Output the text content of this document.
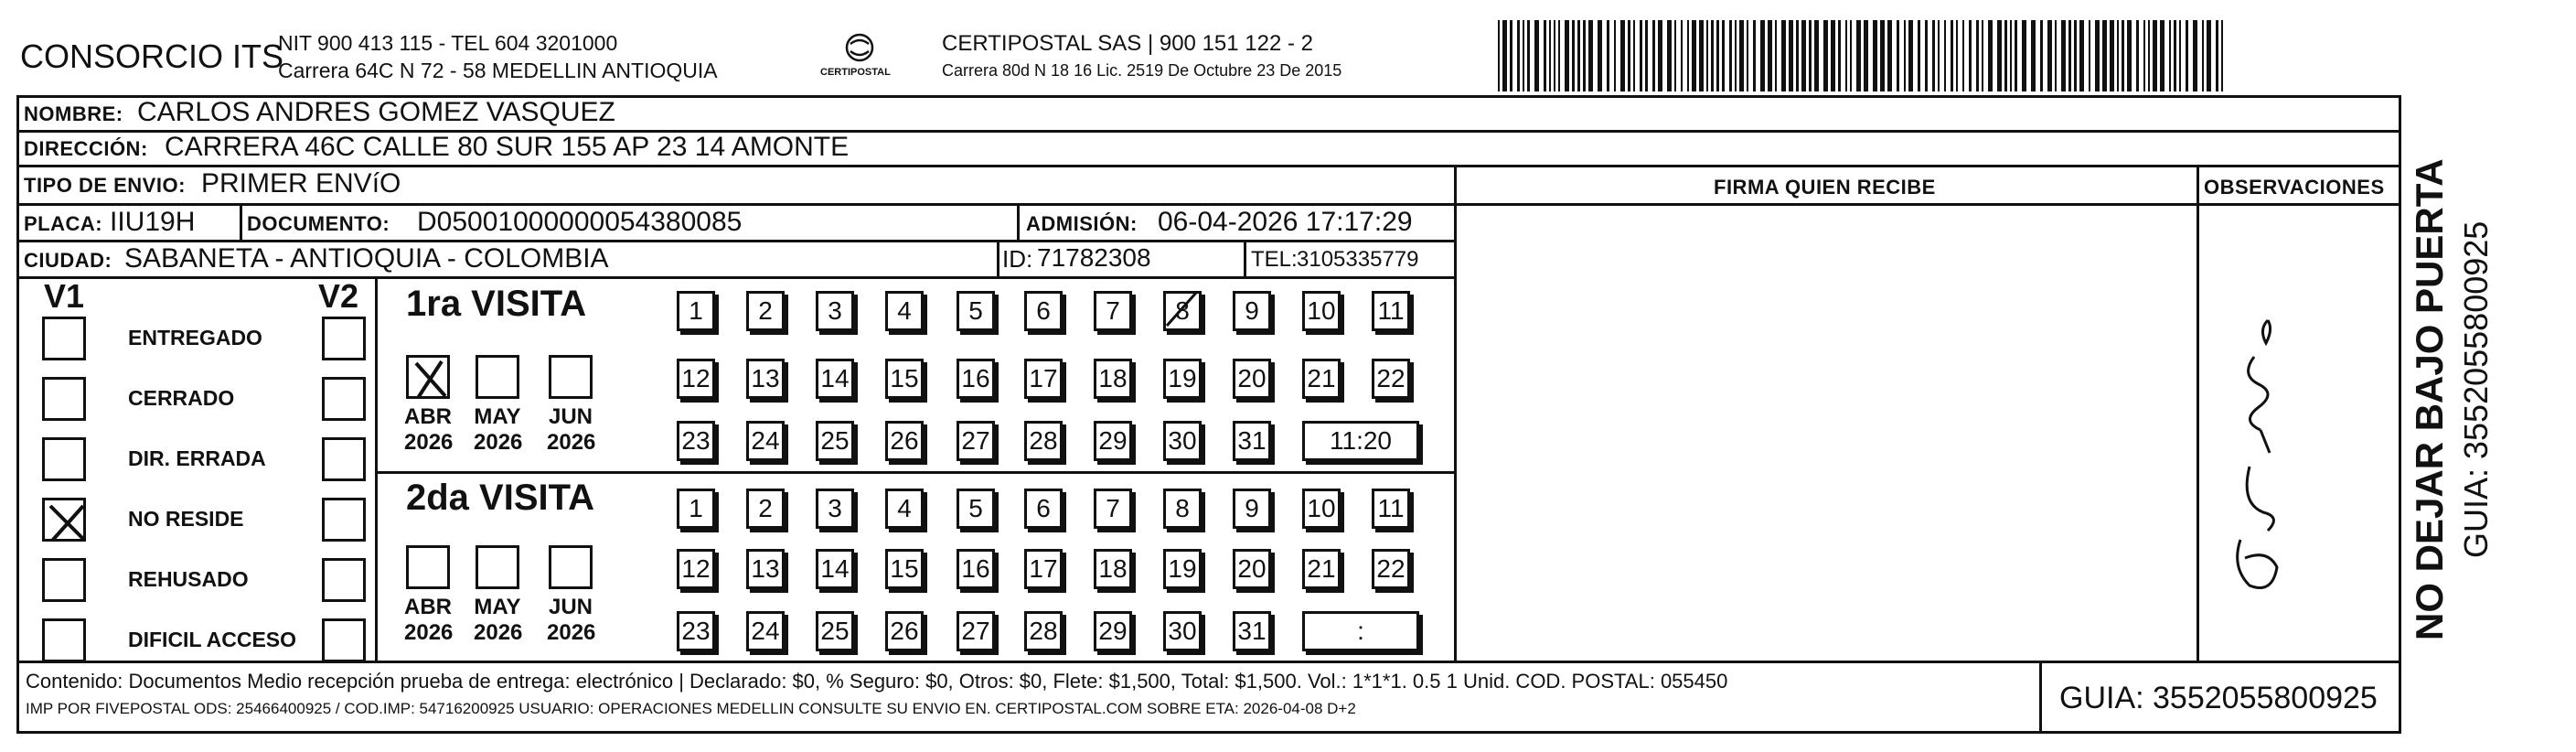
CONSORCIO ITS
NIT 900 413 115 - TEL 604 3201000
Carrera 64C N 72 - 58 MEDELLIN ANTIOQUIA	CERTIPOSTAL
CERTIPOSTAL SAS | 900 151 122 - 2
Carrera 80d N 18 16 Lic. 2519 De Octubre 23 De 2015
NOMBRE: CARLOS ANDRES GOMEZ VASQUEZ
DIRECCIÓN: CARRERA 46C CALLE 80 SUR 155 AP 23 14 AMONTE
TIPO DE ENVIO: PRIMER ENVíO	FIRMA QUIEN RECIBE	OBSERVACIONES
PLACA: IIU19H	DOCUMENTO: D05001000000054380085	ADMISIÓN: 06-04-2026 17:17:29
CIUDAD: SABANETA - ANTIOQUIA - COLOMBIA	ID: 71782308	TEL: 3105335779
V1	V2
ENTREGADO
CERRADO
DIR. ERRADA
NO RESIDE
REHUSADO
DIFICIL ACCESO
1ra VISITA
2da VISITA
ABR
2026
MAY
2026
JUN
2026
ABR
2026
MAY
2026
JUN
2026
1	2	3	4	5	6	7	8	9	10 11
12 13 14 15 16 17 18 19 20 21 22
23 24 25 26 27 28 29 30 31	11:20
1	2	3	4	5	6	7	8	9	10 11
12 13 14 15 16 17 18 19 20 21 22
23 24 25 26 27 28 29 30 31	:
Contenido: Documentos Medio recepción prueba de entrega: electrónico | Declarado: $0, % Seguro: $0, Otros: $0, Flete: $1,500, Total: $1,500. Vol.: 1*1*1. 0.5 1 Unid. COD. POSTAL: 055450
IMP POR FIVEPOSTAL ODS: 25466400925 / COD.IMP: 54716200925 USUARIO: OPERACIONES MEDELLIN CONSULTE SU ENVIO EN. CERTIPOSTAL.COM SOBRE ETA: 2026-04-08 D+2	GUIA: 3552055800925
NO DEJAR BAJO PUERTA GUIA: 3552055800925
